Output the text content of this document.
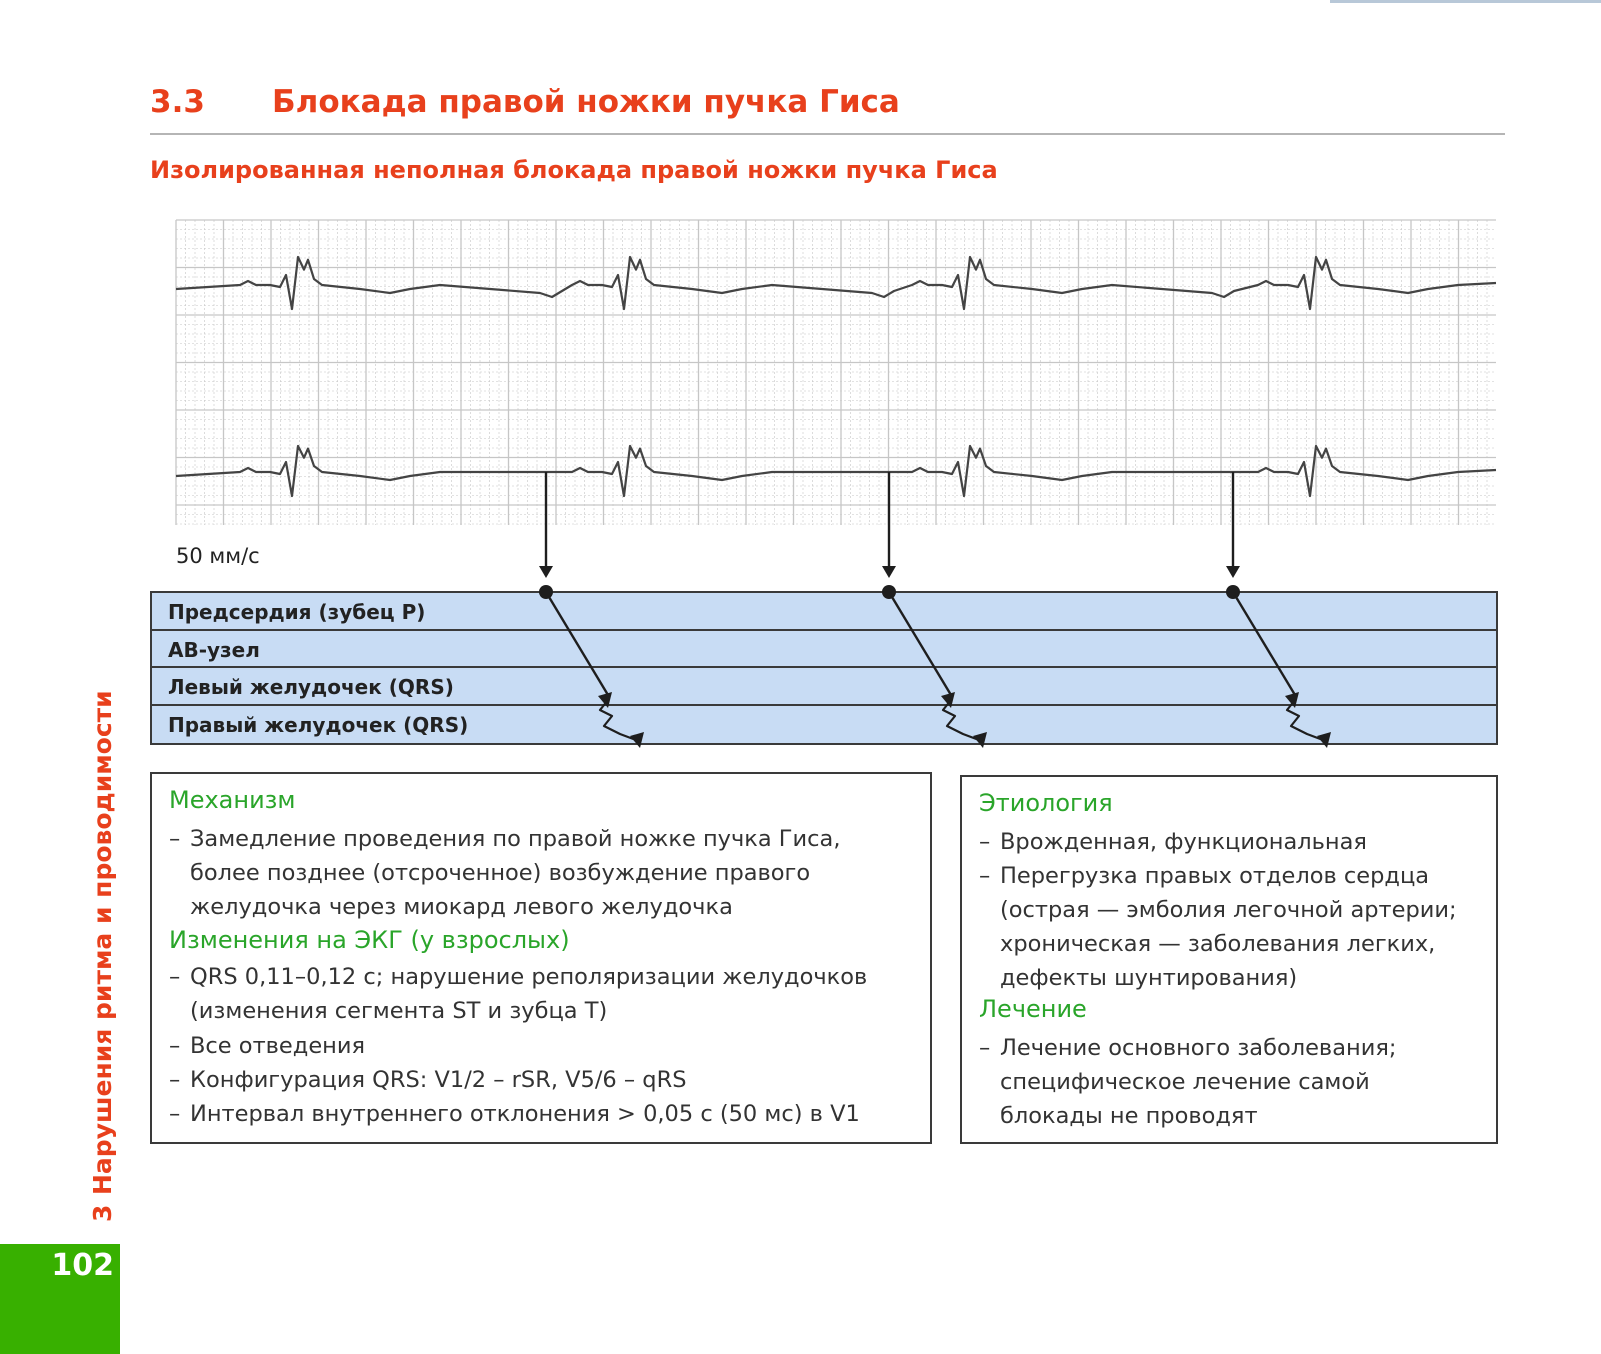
3.3 Блокада правой ножки пучка Гиса
Изолированная неполная блокада правой ножки пучка Гиса
50 мм/с
Предсердия (зубец P)
АВ-узел
Левый желудочек (QRS)
Правый желудочек (QRS)
Механизм
– Замедление проведения по правой ножке пучка Гиса,
более позднее (отсроченное) возбуждение правого
желудочка через миокард левого желудочка
Изменения на ЭКГ (у взрослых)
– QRS 0,11–0,12 с; нарушение реполяризации желудочков
(изменения сегмента ST и зубца T)
– Все отведения
– Конфигурация QRS: V1/2 – rSR, V5/6 – qRS
– Интервал внутреннего отклонения > 0,05 с (50 мс) в V1
Этиология
– Врожденная, функциональная
– Перегрузка правых отделов сердца
(острая — эмболия легочной артерии;
хроническая — заболевания легких,
дефекты шунтирования)
Лечение
– Лечение основного заболевания;
специфическое лечение самой
блокады не проводят
Нарушения ритма и проводимости
3
102
